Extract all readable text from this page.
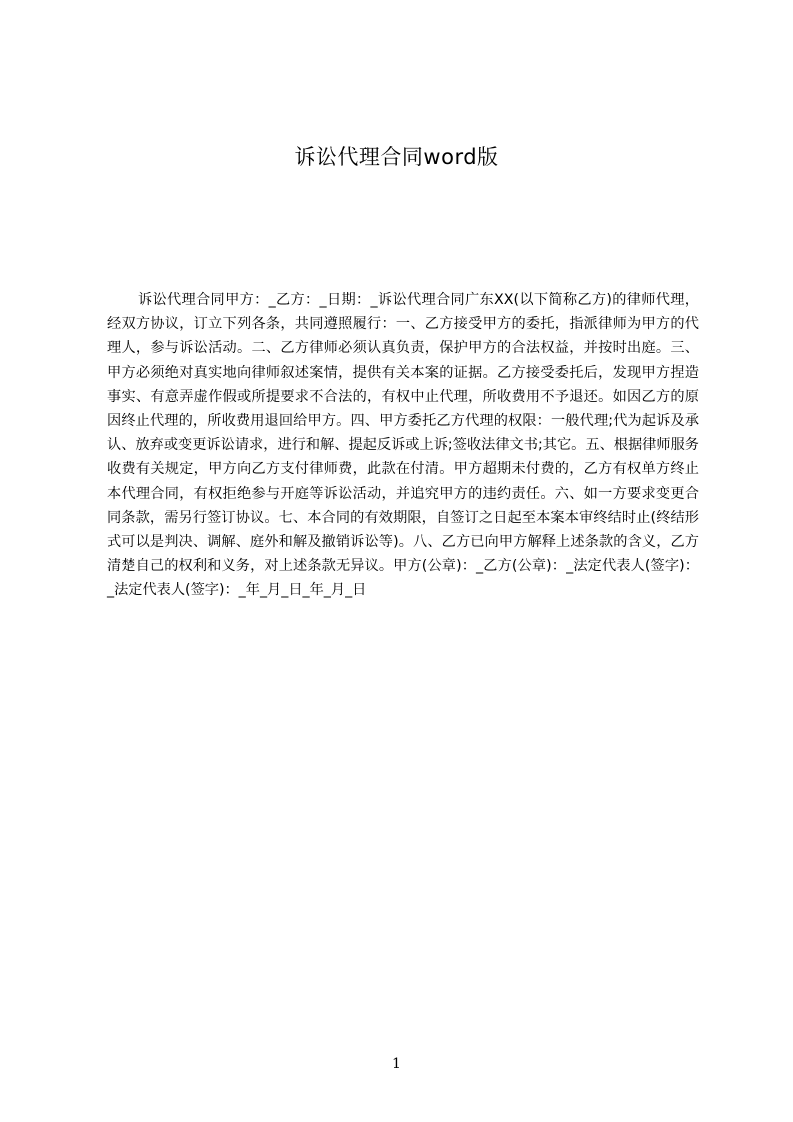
诉讼代理合同word版

诉讼代理合同甲方：_乙方：_日期：_诉讼代理合同广东XX(以下简称乙方)的律师代理，经双方协议，订立下列各条，共同遵照履行：一、乙方接受甲方的委托，指派律师为甲方的代理人，参与诉讼活动。二、乙方律师必须认真负责，保护甲方的合法权益，并按时出庭。三、甲方必须绝对真实地向律师叙述案情，提供有关本案的证据。乙方接受委托后，发现甲方捏造事实、有意弄虚作假或所提要求不合法的，有权中止代理，所收费用不予退还。如因乙方的原因终止代理的，所收费用退回给甲方。四、甲方委托乙方代理的权限：一般代理;代为起诉及承认、放弃或变更诉讼请求，进行和解、提起反诉或上诉;签收法律文书;其它。五、根据律师服务收费有关规定，甲方向乙方支付律师费，此款在付清。甲方超期未付费的，乙方有权单方终止本代理合同，有权拒绝参与开庭等诉讼活动，并追究甲方的违约责任。六、如一方要求变更合同条款，需另行签订协议。七、本合同的有效期限，自签订之日起至本案本审终结时止(终结形式可以是判决、调解、庭外和解及撤销诉讼等)。八、乙方已向甲方解释上述条款的含义，乙方清楚自己的权利和义务，对上述条款无异议。甲方(公章)：_乙方(公章)：_法定代表人(签字)：_法定代表人(签字)：_年_月_日_年_月_日

1
